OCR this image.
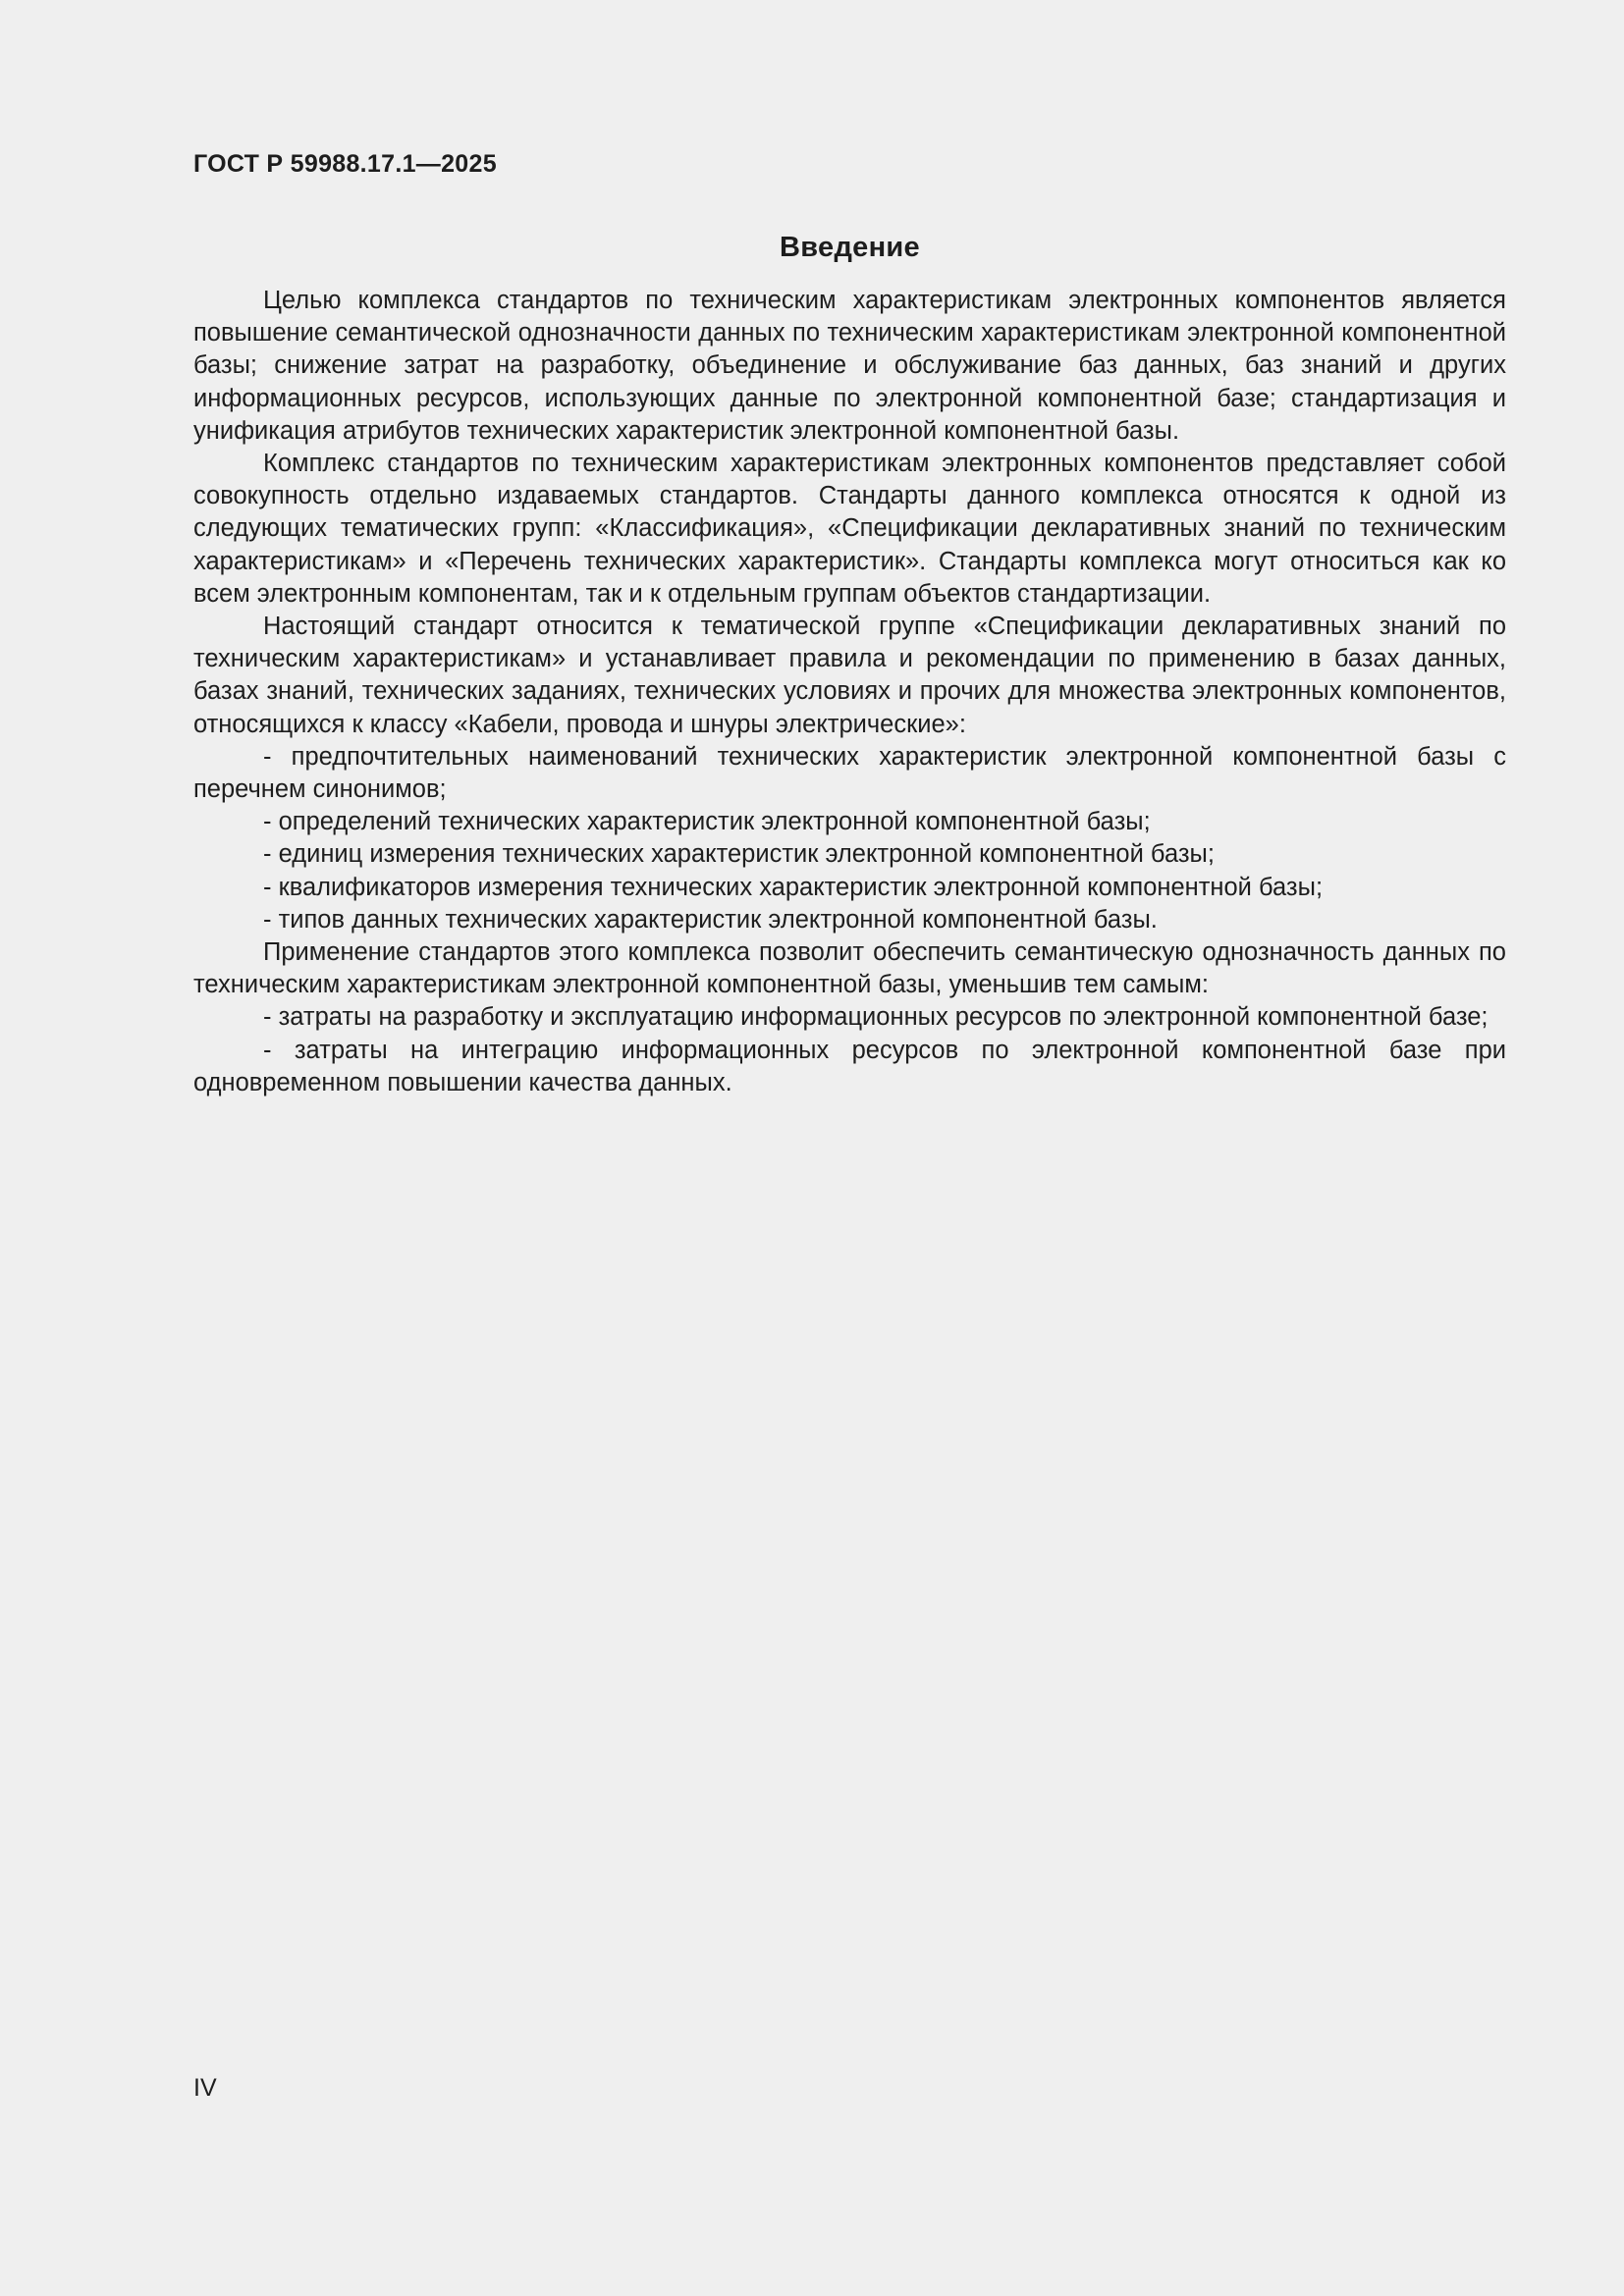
ГОСТ Р 59988.17.1—2025
Введение

Целью комплекса стандартов по техническим характеристикам электронных компонентов является повышение семантической однозначности данных по техническим характеристикам электронной компонентной базы; снижение затрат на разработку, объединение и обслуживание баз данных, баз знаний и других информационных ресурсов, использующих данные по электронной компонентной базе; стандартизация и унификация атрибутов технических характеристик электронной компонентной базы.

Комплекс стандартов по техническим характеристикам электронных компонентов представляет собой совокупность отдельно издаваемых стандартов. Стандарты данного комплекса относятся к одной из следующих тематических групп: «Классификация», «Спецификации декларативных знаний по техническим характеристикам» и «Перечень технических характеристик». Стандарты комплекса могут относиться как ко всем электронным компонентам, так и к отдельным группам объектов стандартизации.

Настоящий стандарт относится к тематической группе «Спецификации декларативных знаний по техническим характеристикам» и устанавливает правила и рекомендации по применению в базах данных, базах знаний, технических заданиях, технических условиях и прочих для множества электронных компонентов, относящихся к классу «Кабели, провода и шнуры электрические»:

- предпочтительных наименований технических характеристик электронной компонентной базы с перечнем синонимов;

- определений технических характеристик электронной компонентной базы;

- единиц измерения технических характеристик электронной компонентной базы;

- квалификаторов измерения технических характеристик электронной компонентной базы;

- типов данных технических характеристик электронной компонентной базы.

Применение стандартов этого комплекса позволит обеспечить семантическую однозначность данных по техническим характеристикам электронной компонентной базы, уменьшив тем самым:

- затраты на разработку и эксплуатацию информационных ресурсов по электронной компонентной базе;

- затраты на интеграцию информационных ресурсов по электронной компонентной базе при одновременном повышении качества данных.

IV
